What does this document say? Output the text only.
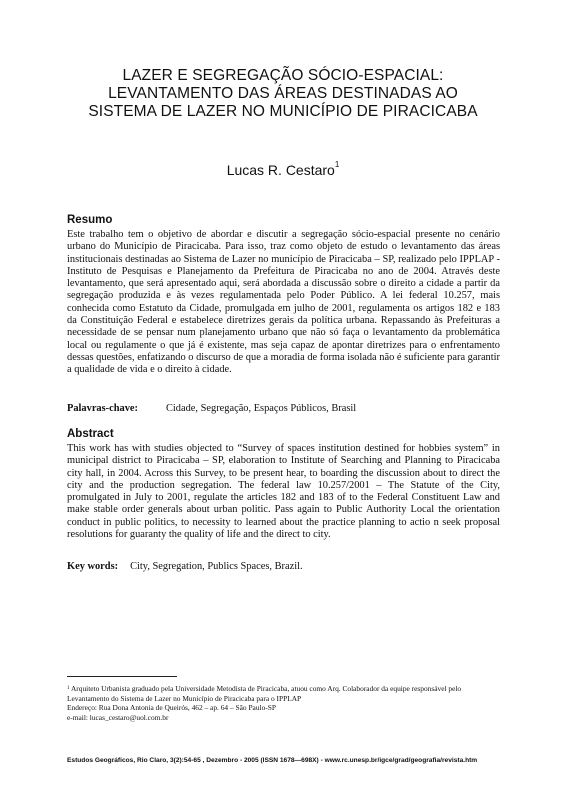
LAZER E SEGREGAÇÃO SÓCIO-ESPACIAL:
LEVANTAMENTO DAS ÁREAS DESTINADAS AO
SISTEMA DE LAZER NO MUNICÍPIO DE PIRACICABA
Lucas R. Cestaro$^1$
Resumo

Este trabalho tem o objetivo de abordar e discutir a segregação sócio-espacial presente no cenário urbano do Município de Piracicaba. Para isso, traz como objeto de estudo o levantamento das áreas institucionais destinadas ao Sistema de Lazer no município de Piracicaba – SP, realizado pelo IPPLAP - Instituto de Pesquisas e Planejamento da Prefeitura de Piracicaba no ano de 2004. Através deste levantamento, que será apresentado aqui, será abordada a discussão sobre o direito a cidade a partir da segregação produzida e às vezes regulamentada pelo Poder Público. A lei federal 10.257, mais conhecida como Estatuto da Cidade, promulgada em julho de 2001, regulamenta os artigos 182 e 183 da Constituição Federal e estabelece diretrizes gerais da política urbana. Repassando às Prefeituras a necessidade de se pensar num planejamento urbano que não só faça o levantamento da problemática local ou regulamente o que já é existente, mas seja capaz de apontar diretrizes para o enfrentamento dessas questões, enfatizando o discurso de que a moradia de forma isolada não é suficiente para garantir a qualidade de vida e o direito à cidade.

Palavras-chave:	Cidade, Segregação, Espaços Públicos, Brasil
Abstract

This work has with studies objected to “Survey of spaces institution destined for hobbies system” in municipal district to Piracicaba – SP, elaboration to Institute of Searching and Planning to Piracicaba city hall, in 2004. Across this Survey, to be present hear, to boarding the discussion about to direct the city and the production segregation. The federal law 10.257/2001 – The Statute of the City, promulgated in July to 2001, regulate the articles 182 and 183 of to the Federal Constituent Law and make stable order generals about urban politic. Pass again to Public Authority Local the orientation conduct in public politics, to necessity to learned about the practice planning to actio n seek proposal resolutions for guaranty the quality of life and the direct to city.

Key words: City, Segregation, Publics Spaces, Brazil.

$^1$ Arquiteto Urbanista graduado pela Universidade Metodista de Piracicaba, atuou como Arq. Colaborador da equipe responsável pelo Levantamento do Sistema de Lazer no Município de Piracicaba para o IPPLAP

Endereço: Rua Dona Antonia de Queirós, 462 – ap. 64 – São Paulo-SP

e-mail: lucas_cestaro@uol.com.br

Estudos Geográficos, Rio Claro, 3(2):54-65 , Dezembro - 2005 (ISSN 1678—698X) - www.rc.unesp.br/igce/grad/geografia/revista.htm
